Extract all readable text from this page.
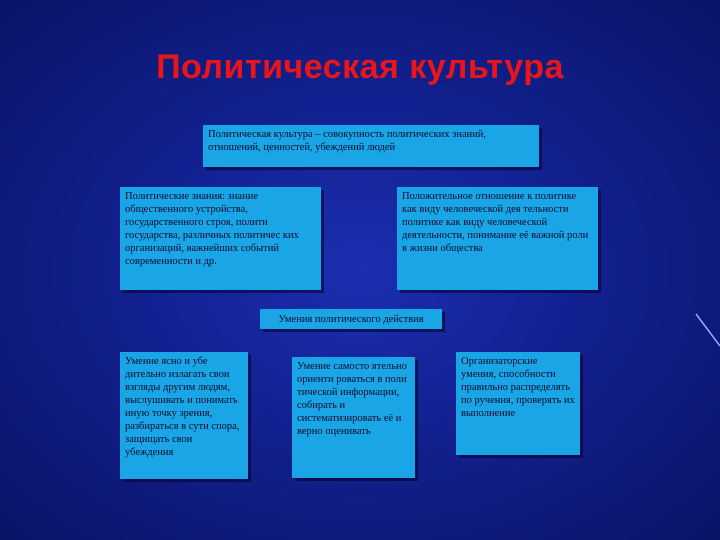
Политическая культура
Политическая культура – совокупность политических знаний, отношений, ценностей, убеждений людей
Политические знания: знание общественного устройства, государственного строя, полити государства, различных политичес ких организаций, важнейших событий современности и др.
Положительное отношение к политике как виду человеческой дея тельности политике как виду человеческой деятельности, понимание её важной роли в жизни общества
Умения политического действия
Умение ясно и убе дительно излагать свои взгляды другим людям, выслушивать и понимать иную точку зрения, разбираться в сути спора, защищать свои убеждения
Умение самосто ятельно ориенти роваться в поли тической информации, собирать и систематизировать её и верно оценивать
Организаторские умения, способности правильно распределять по ручения, проверять их выполнение
